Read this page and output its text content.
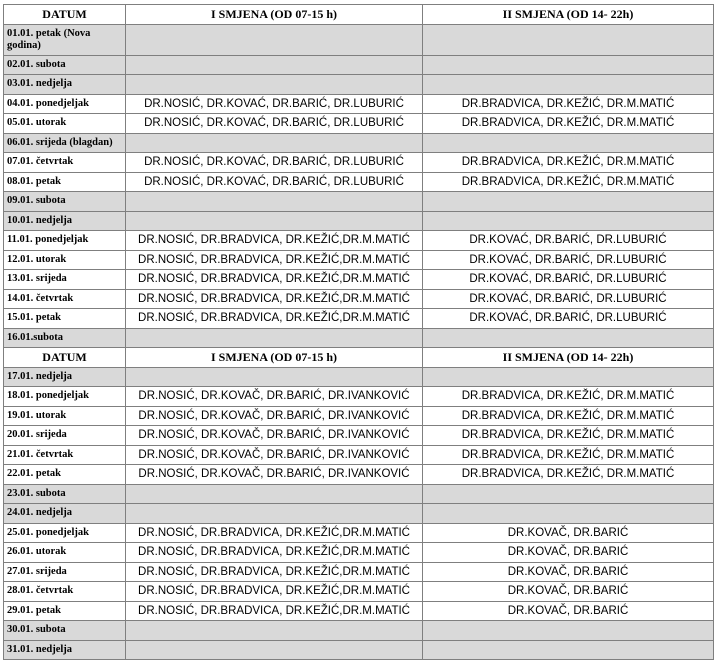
DATUM	I SMJENA (OD 07-15 h)	II SMJENA (OD 14- 22h)
01.01. petak (Nova godina)		
02.01. subota		
03.01. nedjelja		
04.01. ponedjeljak	DR.NOSIĆ, DR.KOVAĆ, DR.BARIĆ, DR.LUBURIĆ	DR.BRADVICA, DR.KEŽIĆ, DR.M.MATIĆ
05.01. utorak	DR.NOSIĆ, DR.KOVAĆ, DR.BARIĆ, DR.LUBURIĆ	DR.BRADVICA, DR.KEŽIĆ, DR.M.MATIĆ
06.01. srijeda (blagdan)		
07.01. četvrtak	DR.NOSIĆ, DR.KOVAĆ, DR.BARIĆ, DR.LUBURIĆ	DR.BRADVICA, DR.KEŽIĆ, DR.M.MATIĆ
08.01. petak	DR.NOSIĆ, DR.KOVAĆ, DR.BARIĆ, DR.LUBURIĆ	DR.BRADVICA, DR.KEŽIĆ, DR.M.MATIĆ
09.01. subota		
10.01. nedjelja		
11.01. ponedjeljak	DR.NOSIĆ, DR.BRADVICA, DR.KEŽIĆ,DR.M.MATIĆ	DR.KOVAĆ, DR.BARIĆ, DR.LUBURIĆ
12.01. utorak	DR.NOSIĆ, DR.BRADVICA, DR.KEŽIĆ,DR.M.MATIĆ	DR.KOVAĆ, DR.BARIĆ, DR.LUBURIĆ
13.01. srijeda	DR.NOSIĆ, DR.BRADVICA, DR.KEŽIĆ,DR.M.MATIĆ	DR.KOVAĆ, DR.BARIĆ, DR.LUBURIĆ
14.01. četvrtak	DR.NOSIĆ, DR.BRADVICA, DR.KEŽIĆ,DR.M.MATIĆ	DR.KOVAĆ, DR.BARIĆ, DR.LUBURIĆ
15.01. petak	DR.NOSIĆ, DR.BRADVICA, DR.KEŽIĆ,DR.M.MATIĆ	DR.KOVAĆ, DR.BARIĆ, DR.LUBURIĆ
16.01.subota		
DATUM	I SMJENA (OD 07-15 h)	II SMJENA (OD 14- 22h)
17.01. nedjelja		
18.01. ponedjeljak	DR.NOSIĆ, DR.KOVAČ, DR.BARIĆ, DR.IVANKOVIĆ	DR.BRADVICA, DR.KEŽIĆ, DR.M.MATIĆ
19.01. utorak	DR.NOSIĆ, DR.KOVAČ, DR.BARIĆ, DR.IVANKOVIĆ	DR.BRADVICA, DR.KEŽIĆ, DR.M.MATIĆ
20.01. srijeda	DR.NOSIĆ, DR.KOVAČ, DR.BARIĆ, DR.IVANKOVIĆ	DR.BRADVICA, DR.KEŽIĆ, DR.M.MATIĆ
21.01. četvrtak	DR.NOSIĆ, DR.KOVAČ, DR.BARIĆ, DR.IVANKOVIĆ	DR.BRADVICA, DR.KEŽIĆ, DR.M.MATIĆ
22.01. petak	DR.NOSIĆ, DR.KOVAČ, DR.BARIĆ, DR.IVANKOVIĆ	DR.BRADVICA, DR.KEŽIĆ, DR.M.MATIĆ
23.01. subota		
24.01. nedjelja		
25.01. ponedjeljak	DR.NOSIĆ, DR.BRADVICA, DR.KEŽIĆ,DR.M.MATIĆ	DR.KOVAČ, DR.BARIĆ
26.01. utorak	DR.NOSIĆ, DR.BRADVICA, DR.KEŽIĆ,DR.M.MATIĆ	DR.KOVAČ, DR.BARIĆ
27.01. srijeda	DR.NOSIĆ, DR.BRADVICA, DR.KEŽIĆ,DR.M.MATIĆ	DR.KOVAČ, DR.BARIĆ
28.01. četvrtak	DR.NOSIĆ, DR.BRADVICA, DR.KEŽIĆ,DR.M.MATIĆ	DR.KOVAČ, DR.BARIĆ
29.01. petak	DR.NOSIĆ, DR.BRADVICA, DR.KEŽIĆ,DR.M.MATIĆ	DR.KOVAČ, DR.BARIĆ
30.01. subota		
31.01. nedjelja		
